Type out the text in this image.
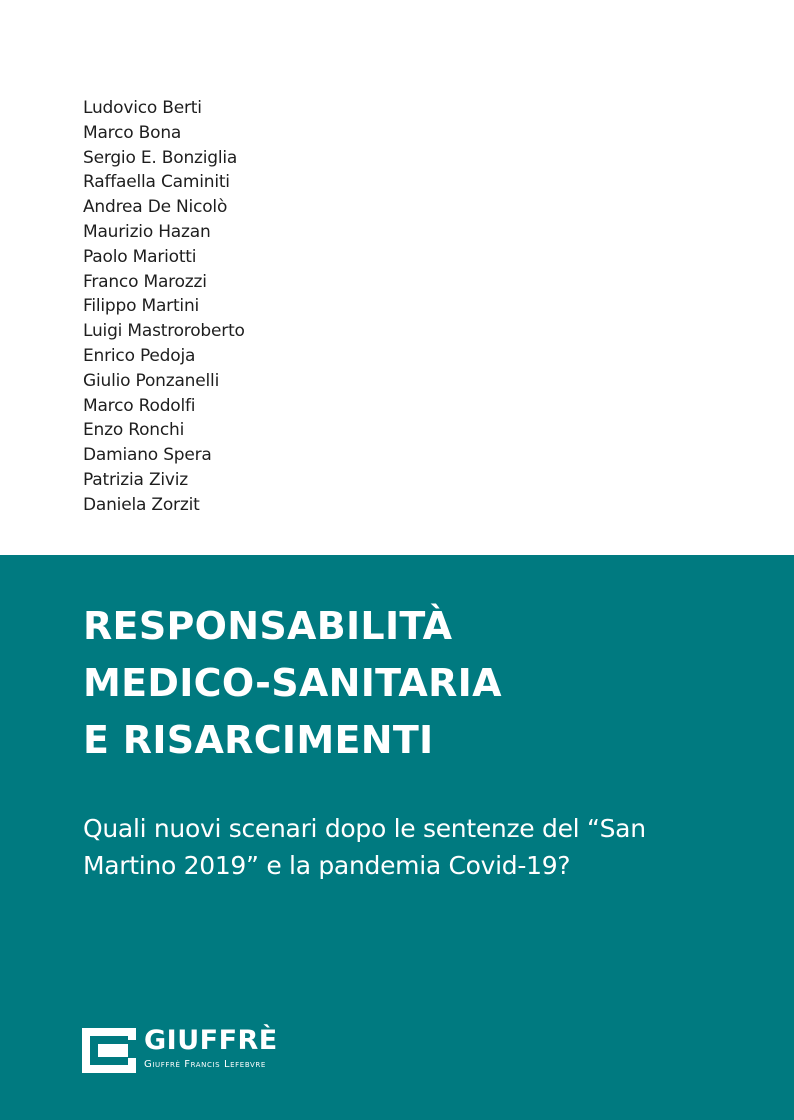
Ludovico Berti
Marco Bona
Sergio E. Bonziglia
Raffaella Caminiti
Andrea De Nicolò
Maurizio Hazan
Paolo Mariotti
Franco Marozzi
Filippo Martini
Luigi Mastroroberto
Enrico Pedoja
Giulio Ponzanelli
Marco Rodolfi
Enzo Ronchi
Damiano Spera
Patrizia Ziviz
Daniela Zorzit
RESPONSABILITÀ
MEDICO-SANITARIA
E RISARCIMENTI

Quali nuovi scenari dopo le sentenze del “San Martino 2019” e la pandemia Covid-19?

GIUFFRÈ
Giuffrè Francis Lefebvre
